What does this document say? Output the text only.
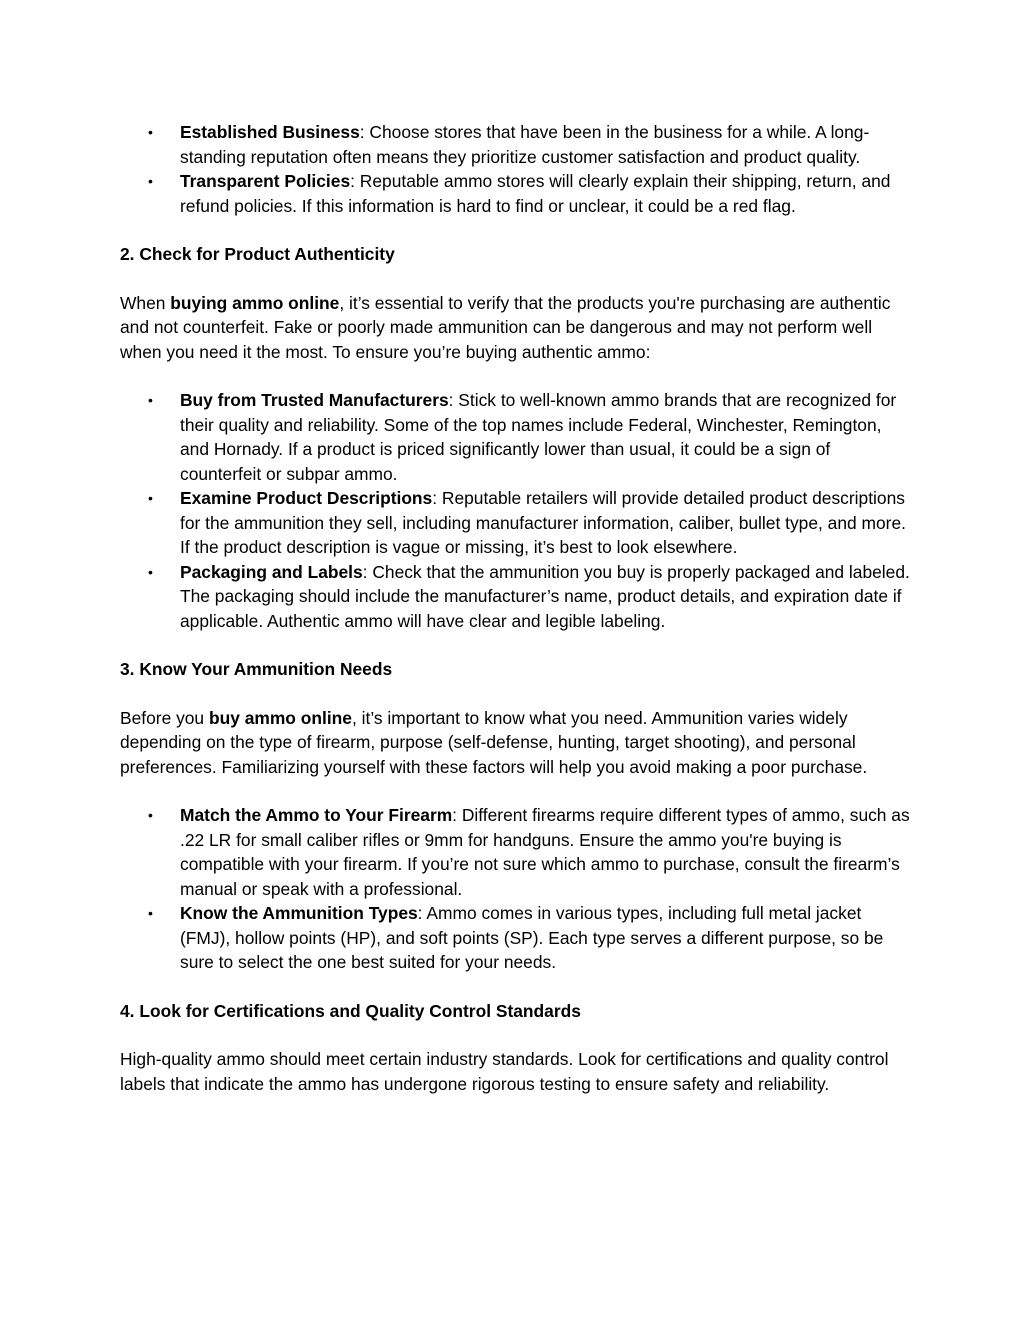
• Established Business: Choose stores that have been in the business for a while. A long-standing reputation often means they prioritize customer satisfaction and product quality.
• Transparent Policies: Reputable ammo stores will clearly explain their shipping, return, and refund policies. If this information is hard to find or unclear, it could be a red flag.
2. Check for Product Authenticity

When buying ammo online, it’s essential to verify that the products you're purchasing are authentic and not counterfeit. Fake or poorly made ammunition can be dangerous and may not perform well when you need it the most. To ensure you’re buying authentic ammo:

• Buy from Trusted Manufacturers: Stick to well-known ammo brands that are recognized for their quality and reliability. Some of the top names include Federal, Winchester, Remington, and Hornady. If a product is priced significantly lower than usual, it could be a sign of counterfeit or subpar ammo.
• Examine Product Descriptions: Reputable retailers will provide detailed product descriptions for the ammunition they sell, including manufacturer information, caliber, bullet type, and more. If the product description is vague or missing, it’s best to look elsewhere.
• Packaging and Labels: Check that the ammunition you buy is properly packaged and labeled. The packaging should include the manufacturer’s name, product details, and expiration date if applicable. Authentic ammo will have clear and legible labeling.
3. Know Your Ammunition Needs

Before you buy ammo online, it’s important to know what you need. Ammunition varies widely depending on the type of firearm, purpose (self-defense, hunting, target shooting), and personal preferences. Familiarizing yourself with these factors will help you avoid making a poor purchase.

• Match the Ammo to Your Firearm: Different firearms require different types of ammo, such as .22 LR for small caliber rifles or 9mm for handguns. Ensure the ammo you're buying is compatible with your firearm. If you’re not sure which ammo to purchase, consult the firearm’s manual or speak with a professional.
• Know the Ammunition Types: Ammo comes in various types, including full metal jacket (FMJ), hollow points (HP), and soft points (SP). Each type serves a different purpose, so be sure to select the one best suited for your needs.
4. Look for Certifications and Quality Control Standards

High-quality ammo should meet certain industry standards. Look for certifications and quality control labels that indicate the ammo has undergone rigorous testing to ensure safety and reliability.
